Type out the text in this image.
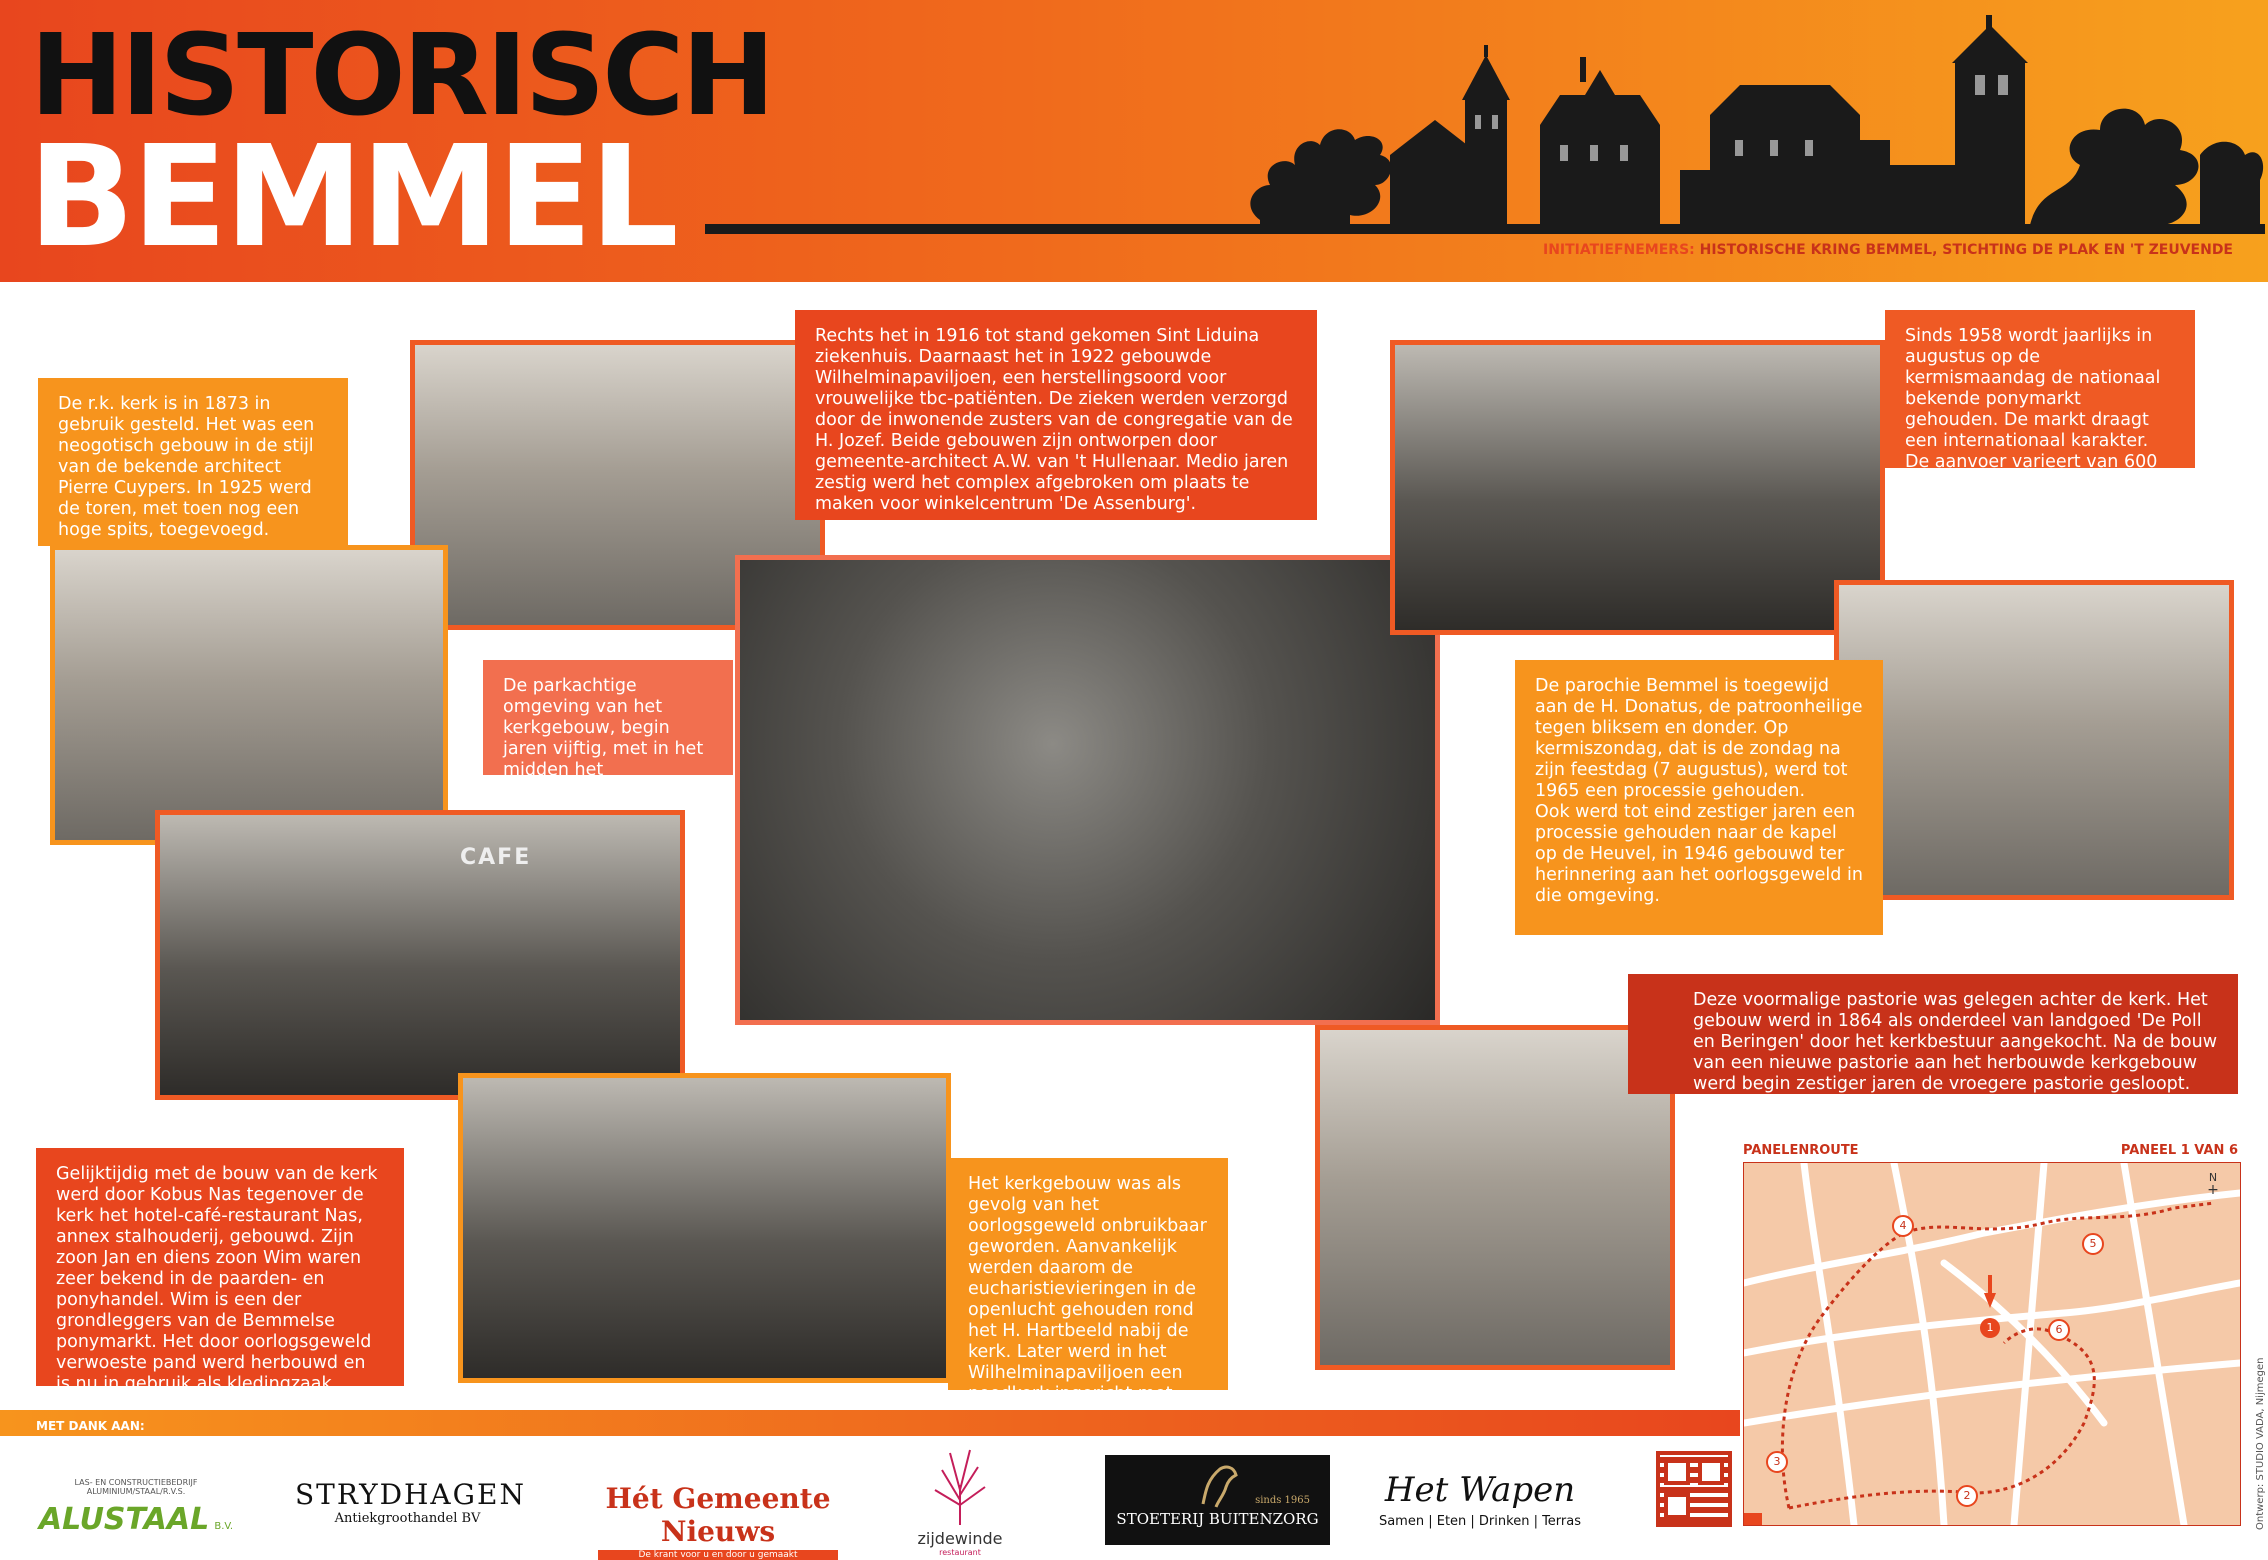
HISTORISCH
BEMMEL	INITIATIEFNEMERS: HISTORISCHE KRING BEMMEL, STICHTING DE PLAK EN 'T ZEUVENDE
CAFE
De r.k. kerk is in 1873 in gebruik gesteld. Het was een neogotisch gebouw in de stijl van de bekende architect Pierre Cuypers. In 1925 werd de toren, met toen nog een hoge spits, toegevoegd.
Rechts het in 1916 tot stand gekomen Sint Liduina ziekenhuis. Daarnaast het in 1922 gebouwde Wilhelminapaviljoen, een herstellingsoord voor vrouwelijke tbc-patiënten. De zieken werden verzorgd door de inwonende zusters van de congregatie van de H. Jozef. Beide gebouwen zijn ontworpen door gemeente-architect A.W. van 't Hullenaar. Medio jaren zestig werd het complex afgebroken om plaats te maken voor winkelcentrum 'De Assenburg'.
Sinds 1958 wordt jaarlijks in augustus op de kermismaandag de nationaal bekende ponymarkt gehouden. De markt draagt een internationaal karakter. De aanvoer varieert van 600 tot 1000 dieren.
De parkachtige omgeving van het kerkgebouw, begin jaren vijftig, met in het midden het H.Hartbeeld.
De parochie Bemmel is toegewijd aan de H. Donatus, de patroonheilige tegen bliksem en donder. Op kermiszondag, dat is de zondag na zijn feestdag (7 augustus), werd tot 1965 een processie gehouden.
Ook werd tot eind zestiger jaren een processie gehouden naar de kapel op de Heuvel, in 1946 gebouwd ter herinnering aan het oorlogsgeweld in die omgeving.
Deze voormalige pastorie was gelegen achter de kerk. Het gebouw werd in 1864 als onderdeel van landgoed 'De Poll en Beringen' door het kerkbestuur aangekocht. Na de bouw van een nieuwe pastorie aan het herbouwde kerkgebouw werd begin zestiger jaren de vroegere pastorie gesloopt.
Gelijktijdig met de bouw van de kerk werd door Kobus Nas tegenover de kerk het hotel-café-restaurant Nas, annex stalhouderij, gebouwd. Zijn zoon Jan en diens zoon Wim waren zeer bekend in de paarden- en ponyhandel. Wim is een der grondleggers van de Bemmelse ponymarkt. Het door oorlogsgeweld verwoeste pand werd herbouwd en is nu in gebruik als kledingzaak.
Het kerkgebouw was als gevolg van het oorlogsgeweld onbruikbaar geworden. Aanvankelijk werden daarom de eucharistievieringen in de openlucht gehouden rond het H. Hartbeeld nabij de kerk. Later werd in het Wilhelminapaviljoen een noodkerk ingericht met
MET DANK AAN:
LAS- EN CONSTRUCTIEBEDRIJF ALUMINIUM/STAAL/R.V.S.
ALUSTAAL B.V.
STRYDHAGEN
Antiekgroothandel BV
Hét Gemeente Nieuws
De krant voor u en door u gemaakt
zijdewinde
restaurant
sinds 1965
STOETERIJ BUITENZORG
Het Wapen
Samen | Eten | Drinken | Terras
PANELENROUTE	PANEEL 1 VAN 6
1
2
3
4
5
6
N
+
Ontwerp: STUDIO VADA, Nijmegen
